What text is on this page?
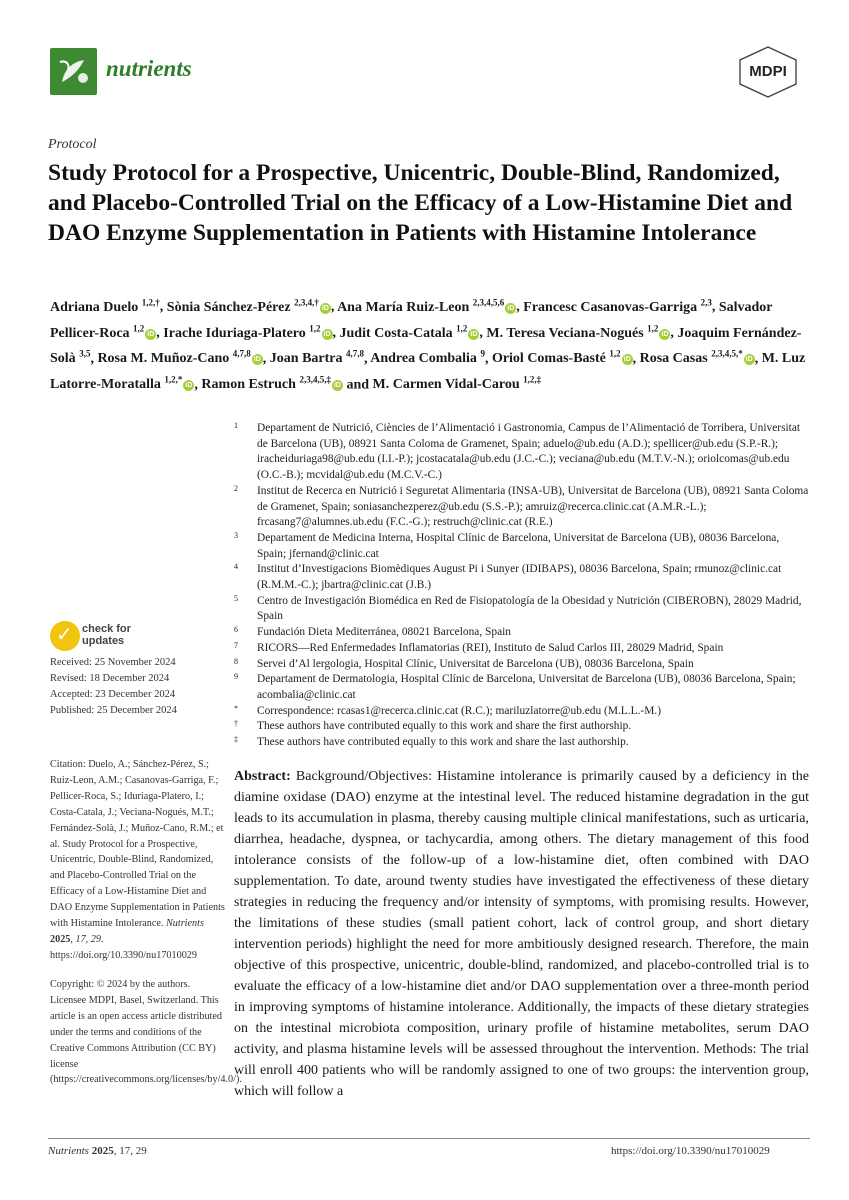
nutrients	MDPI
Protocol
Study Protocol for a Prospective, Unicentric, Double-Blind, Randomized, and Placebo-Controlled Trial on the Efficacy of a Low-Histamine Diet and DAO Enzyme Supplementation in Patients with Histamine Intolerance
Adriana Duelo $^{1,2,\dagger}$, Sònia Sánchez-Pérez $^{2,3,4,\dagger}$iD , Ana María Ruiz-Leon $^{2,3,4,5,6}$iD , Francesc Casanovas-Garriga $^{2,3}$, Salvador Pellicer-Roca $^{1,2}$iD , Irache Iduriaga-Platero $^{1,2}$iD , Judit Costa-Catala $^{1,2}$iD , M. Teresa Veciana-Nogués $^{1,2}$iD , Joaquim Fernández-Solà $^{3,5}$, Rosa M. Muñoz-Cano $^{4,7,8}$iD , Joan Bartra $^{4,7,8}$, Andrea Combalia $^9$, Oriol Comas-Basté $^{1,2}$iD , Rosa Casas $^{2,3,4,5,*}$iD , M. Luz Latorre-Moratalla $^{1,2,*}$iD , Ramon Estruch $^{2,3,4,5,\ddagger}$iD and M. Carmen Vidal-Carou $^{1,2,\ddagger}$
1 Departament de Nutrició, Ciències de l’Alimentació i Gastronomia, Campus de l’Alimentació de Torribera, Universitat de Barcelona (UB), 08921 Santa Coloma de Gramenet, Spain; aduelo@ub.edu (A.D.); spellicer@ub.edu (S.P.-R.); iracheiduriaga98@ub.edu (I.I.-P.); jcostacatala@ub.edu (J.C.-C.); veciana@ub.edu (M.T.V.-N.); oriolcomas@ub.edu (O.C.-B.); mcvidal@ub.edu (M.C.V.-C.)
2 Institut de Recerca en Nutrició i Seguretat Alimentaria (INSA-UB), Universitat de Barcelona (UB), 08921 Santa Coloma de Gramenet, Spain; soniasanchezperez@ub.edu (S.S.-P.); amruiz@recerca.clinic.cat (A.M.R.-L.); frcasang7@alumnes.ub.edu (F.C.-G.); restruch@clinic.cat (R.E.)
3 Departament de Medicina Interna, Hospital Clínic de Barcelona, Universitat de Barcelona (UB), 08036 Barcelona, Spain; jfernand@clinic.cat
4 Institut d’Investigacions Biomèdiques August Pi i Sunyer (IDIBAPS), 08036 Barcelona, Spain; rmunoz@clinic.cat (R.M.M.-C.); jbartra@clinic.cat (J.B.)
5 Centro de Investigación Biomédica en Red de Fisiopatología de la Obesidad y Nutrición (CIBEROBN), 28029 Madrid, Spain
6 Fundación Dieta Mediterránea, 08021 Barcelona, Spain
7 RICORS—Red Enfermedades Inflamatorias (REI), Instituto de Salud Carlos III, 28029 Madrid, Spain
8 Servei d’Al lergologia, Hospital Clínic, Universitat de Barcelona (UB), 08036 Barcelona, Spain
9 Departament de Dermatologia, Hospital Clínic de Barcelona, Universitat de Barcelona (UB), 08036 Barcelona, Spain; acombalia@clinic.cat
* Correspondence: rcasas1@recerca.clinic.cat (R.C.); mariluzlatorre@ub.edu (M.L.L.-M.)
† These authors have contributed equally to this work and share the first authorship.
‡ These authors have contributed equally to this work and share the last authorship.
✓ check for
updates
Received: 25 November 2024
Revised: 18 December 2024
Accepted: 23 December 2024
Published: 25 December 2024
Citation: Duelo, A.; Sánchez-Pérez, S.; Ruiz-Leon, A.M.; Casanovas-Garriga, F.; Pellicer-Roca, S.; Iduriaga-Platero, I.; Costa-Catala, J.; Veciana-Nogués, M.T.; Fernández-Solà, J.; Muñoz-Cano, R.M.; et al. Study Protocol for a Prospective, Unicentric, Double-Blind, Randomized, and Placebo-Controlled Trial on the Efficacy of a Low-Histamine Diet and DAO Enzyme Supplementation in Patients with Histamine Intolerance. Nutrients 2025, 17, 29. https://doi.org/10.3390/nu17010029
Copyright: © 2024 by the authors. Licensee MDPI, Basel, Switzerland. This article is an open access article distributed under the terms and conditions of the Creative Commons Attribution (CC BY) license (https://creativecommons.org/licenses/by/4.0/).
Abstract: Background/Objectives: Histamine intolerance is primarily caused by a deficiency in the diamine oxidase (DAO) enzyme at the intestinal level. The reduced histamine degradation in the gut leads to its accumulation in plasma, thereby causing multiple clinical manifestations, such as urticaria, diarrhea, headache, dyspnea, or tachycardia, among others. The dietary management of this food intolerance consists of the follow-up of a low-histamine diet, often combined with DAO supplementation. To date, around twenty studies have investigated the effectiveness of these dietary strategies in reducing the frequency and/or intensity of symptoms, with promising results. However, the limitations of these studies (small patient cohort, lack of control group, and short dietary intervention periods) highlight the need for more ambitiously designed research. Therefore, the main objective of this prospective, unicentric, double-blind, randomized, and placebo-controlled trial is to evaluate the efficacy of a low-histamine diet and/or DAO supplementation over a three-month period in improving symptoms of histamine intolerance. Additionally, the impacts of these dietary strategies on the intestinal microbiota composition, urinary profile of histamine metabolites, serum DAO activity, and plasma histamine levels will be assessed throughout the intervention. Methods: The trial will enroll 400 patients who will be randomly assigned to one of two groups: the intervention group, which will follow a
Nutrients 2025, 17, 29	https://doi.org/10.3390/nu17010029
